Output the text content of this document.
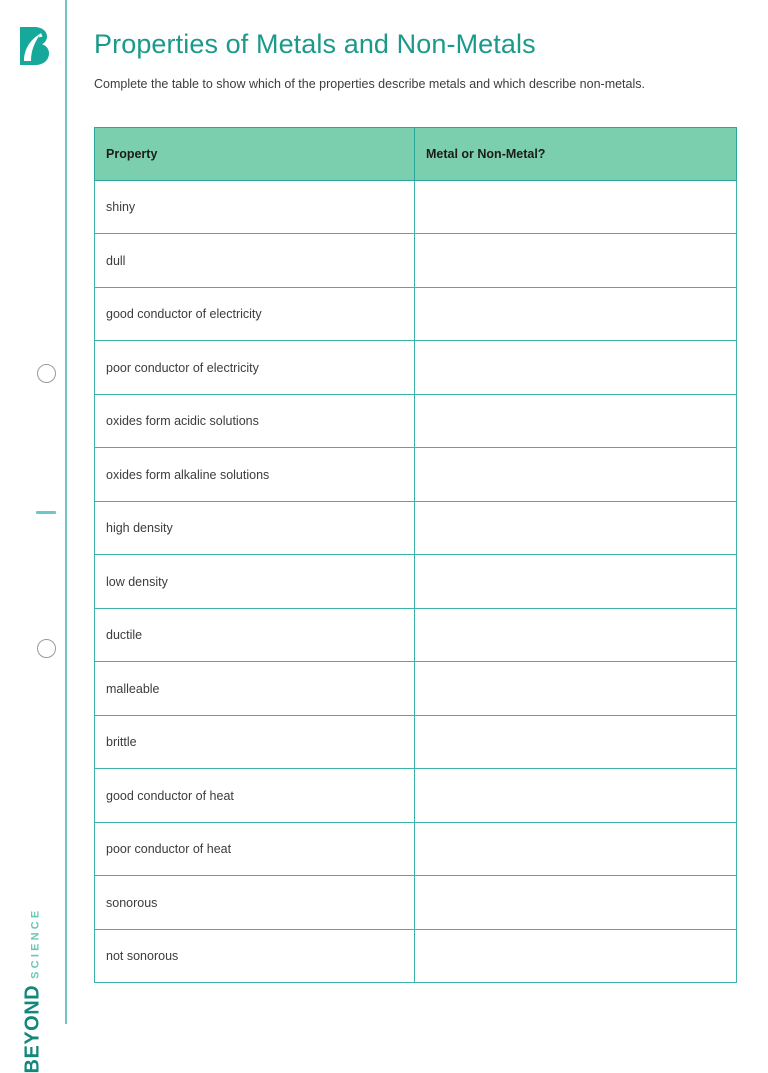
BEYOND
SCIENCE
Properties of Metals and Non-Metals

Complete the table to show which of the properties describe metals and which describe non-metals.

Property	Metal or Non-Metal?
shiny	
dull	
good conductor of electricity	
poor conductor of electricity	
oxides form acidic solutions	
oxides form alkaline solutions	
high density	
low density	
ductile	
malleable	
brittle	
good conductor of heat	
poor conductor of heat	
sonorous	
not sonorous	
